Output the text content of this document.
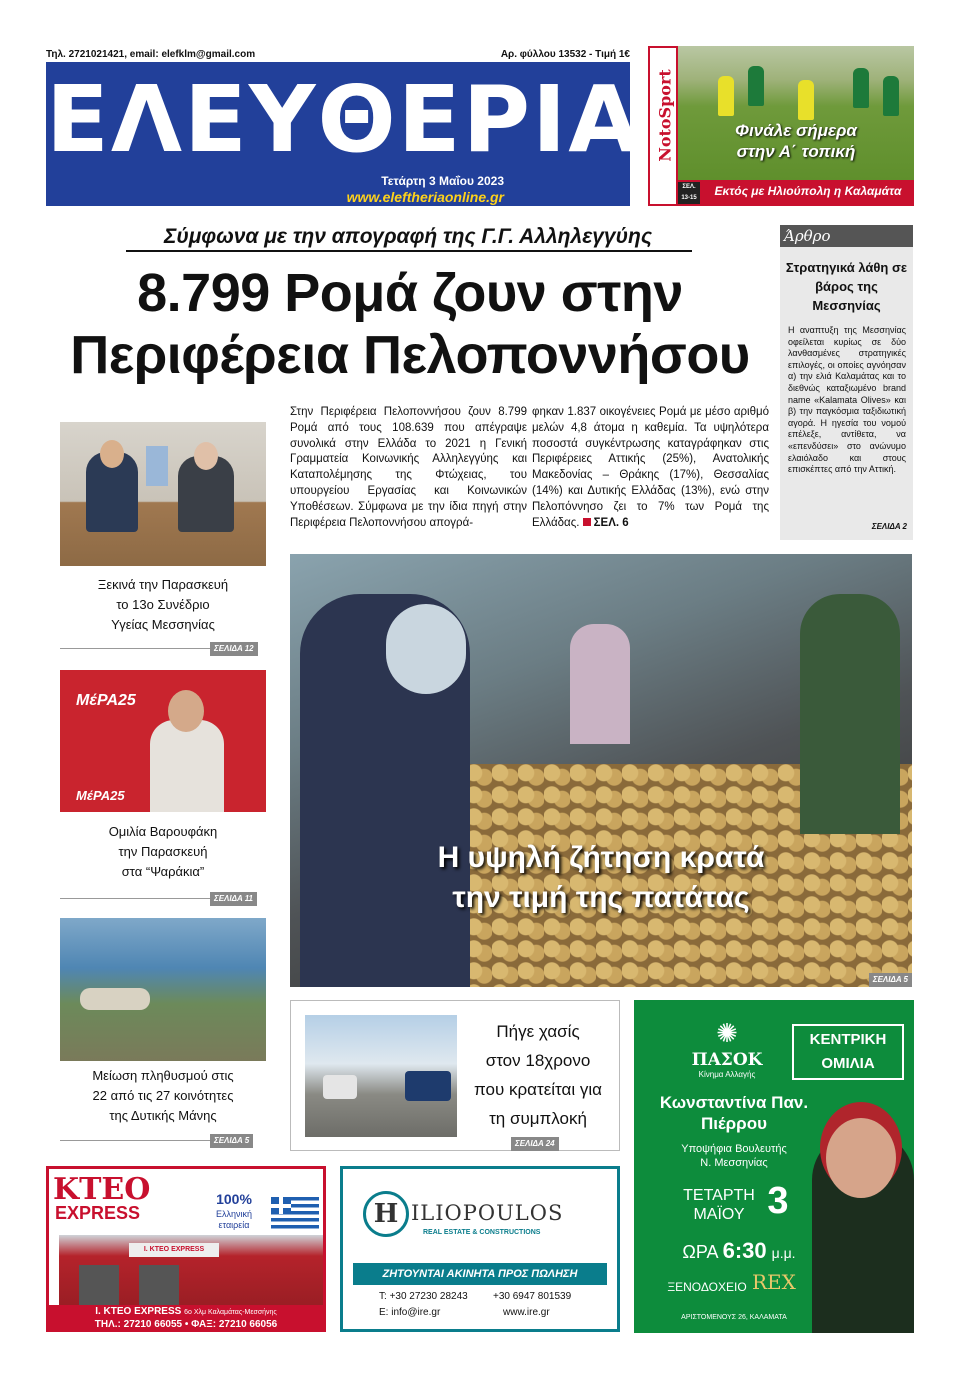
Τηλ. 2721021421, email: elefklm@gmail.com	Αρ. φύλλου 13532 - Τιμή 1€
ΕΛΕΥΘΕΡΙΑ
Τετάρτη 3 Μαΐου 2023
www.eleftheriaonline.gr
NotoSport	Φινάλε σήμερα
στην Α΄ τοπική
ΣΕΛ. 13-15	Εκτός με Ηλιούπολη η Καλαμάτα
Σύμφωνα με την απογραφή της Γ.Γ. Αλληλεγγύης
8.799 Ρομά ζουν στην
Περιφέρεια Πελοποννήσου
Άρθρο
Στρατηγικά λάθη σε βάρος της Μεσσηνίας
Η αναπτυξη της Μεσσηνίας οφείλεται κυρίως σε δύο λανθασμένες στρατηγικές επιλογές, οι οποίες αγνόησαν α) την ελιά Καλαμάτας και το διεθνώς καταξιωμένο brand name «Kalamata Olives» και β) την παγκόσμια ταξιδιωτική αγορά. Η ηγεσία του νομού επέλεξε, αντίθετα, να «επενδύσει» στο ανώνυμο ελαιόλαδο και στους επισκέπτες από την Αττική.
ΣΕΛΙΔΑ 2
Στην Περιφέρεια Πελοποννήσου ζουν 8.799 Ρομά από τους 108.639 που απέγραψε συνολικά στην Ελλάδα το 2021 η Γενική Γραμματεία Κοινωνικής Αλληλεγγύης και Καταπολέμησης της Φτώχειας, του υπουργείου Εργασίας και Κοινωνικών Υποθέσεων. Σύμφωνα με την ίδια πηγή στην Περιφέρεια Πελοποννήσου απογρά-
φηκαν 1.837 οικογένειες Ρομά με μέσο αριθμό μελών 4,8 άτομα η καθεμία. Τα υψηλότερα ποσοστά συγκέντρωσης καταγράφηκαν στις Περιφέρειες Αττικής (25%), Ανατολικής Μακεδονίας – Θράκης (17%), Θεσσαλίας (14%) και Δυτικής Ελλάδας (13%), ενώ στην Πελοπόννησο ζει το 7% των Ρομά της Ελλάδας. ΣΕΛ. 6
Ξεκινά την Παρασκευή
το 13ο Συνέδριο
Υγείας Μεσσηνίας
ΣΕΛΙΔΑ 12
ΜέΡΑ25
ΜέΡΑ25
Ομιλία Βαρουφάκη
την Παρασκευή
στα “Ψαράκια”
ΣΕΛΙΔΑ 11
Μείωση πληθυσμού στις
22 από τις 27 κοινότητες
της Δυτικής Μάνης
ΣΕΛΙΔΑ 5
Η υψηλή ζήτηση κρατά
την τιμή της πατάτας
ΣΕΛΙΔΑ 5
Πήγε χασίς
στον 18χρονο
που κρατείται για
τη συμπλοκή
ΣΕΛΙΔΑ 24
✺
ΠΑΣΟΚ
Κίνημα Αλλαγής
ΚΕΝΤΡΙΚΗ
ΟΜΙΛΙΑ
Κωνσταντίνα Παν.
Πιέρρου
Υποψήφια Βουλευτής
Ν. Μεσσηνίας
ΤΕΤΑΡΤΗ
ΜΑΪΟΥ 3
ΩΡΑ 6:30 μ.μ.
ΞΕΝΟΔΟΧΕΙΟ REX
ΑΡΙΣΤΟΜΕΝΟΥΣ 26, ΚΑΛΑΜΑΤΑ
ΚΤΕΟ
EXPRESS
100%
Ελληνική
εταιρεία
Ι. ΚΤΕΟ EXPRESS
Ι. ΚΤΕΟ EXPRESS 6o Χλμ Καλαμάτας-Μεσσήνης
ΤΗΛ.: 27210 66055 • ΦΑΞ: 27210 66056
H ILIOPOULOS
REAL ESTATE & CONSTRUCTIONS
ΖΗΤΟΥΝΤΑΙ ΑΚΙΝΗΤΑ ΠΡΟΣ ΠΩΛΗΣΗ
Τ: +30 27230 28243	+30 6947 801539
E: info@ire.gr	www.ire.gr
